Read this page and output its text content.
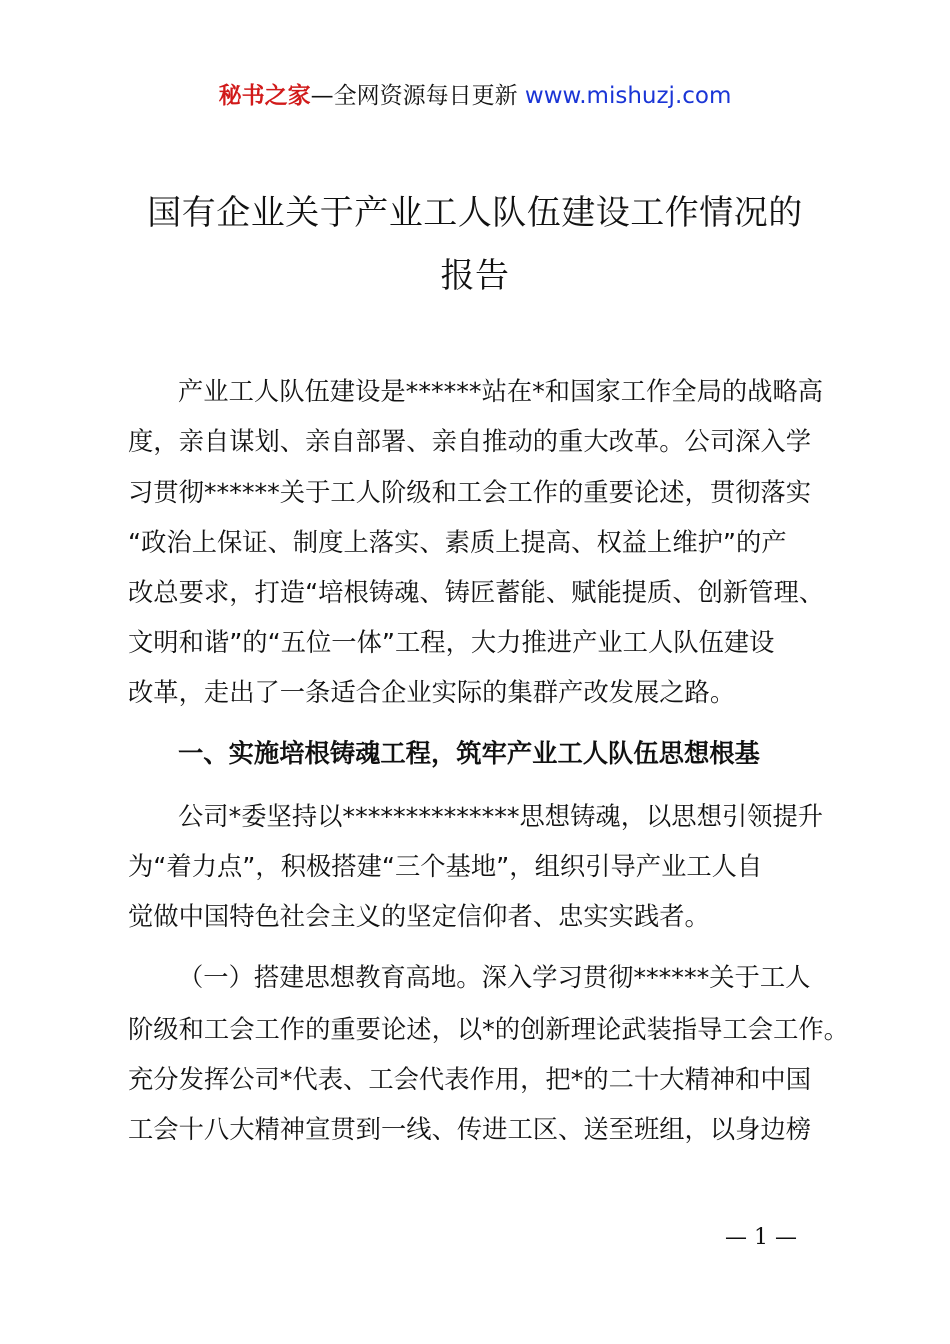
秘书之家—全网资源每日更新 www.mishuzj.com
国有企业关于产业工人队伍建设工作情况的
报告
产业工人队伍建设是******站在*和国家工作全局的战略高
度，亲自谋划、亲自部署、亲自推动的重大改革。公司深入学
习贯彻******关于工人阶级和工会工作的重要论述，贯彻落实
“政治上保证、制度上落实、素质上提高、权益上维护”的产
改总要求，打造“培根铸魂、铸匠蓄能、赋能提质、创新管理、
文明和谐”的“五位一体”工程，大力推进产业工人队伍建设
改革，走出了一条适合企业实际的集群产改发展之路。
一、实施培根铸魂工程，筑牢产业工人队伍思想根基
公司*委坚持以**************思想铸魂，以思想引领提升
为“着力点”，积极搭建“三个基地”，组织引导产业工人自
觉做中国特色社会主义的坚定信仰者、忠实实践者。
（一）搭建思想教育高地。深入学习贯彻******关于工人
阶级和工会工作的重要论述，以*的创新理论武装指导工会工作。
充分发挥公司*代表、工会代表作用，把*的二十大精神和中国
工会十八大精神宣贯到一线、传进工区、送至班组，以身边榜
— 1 —
